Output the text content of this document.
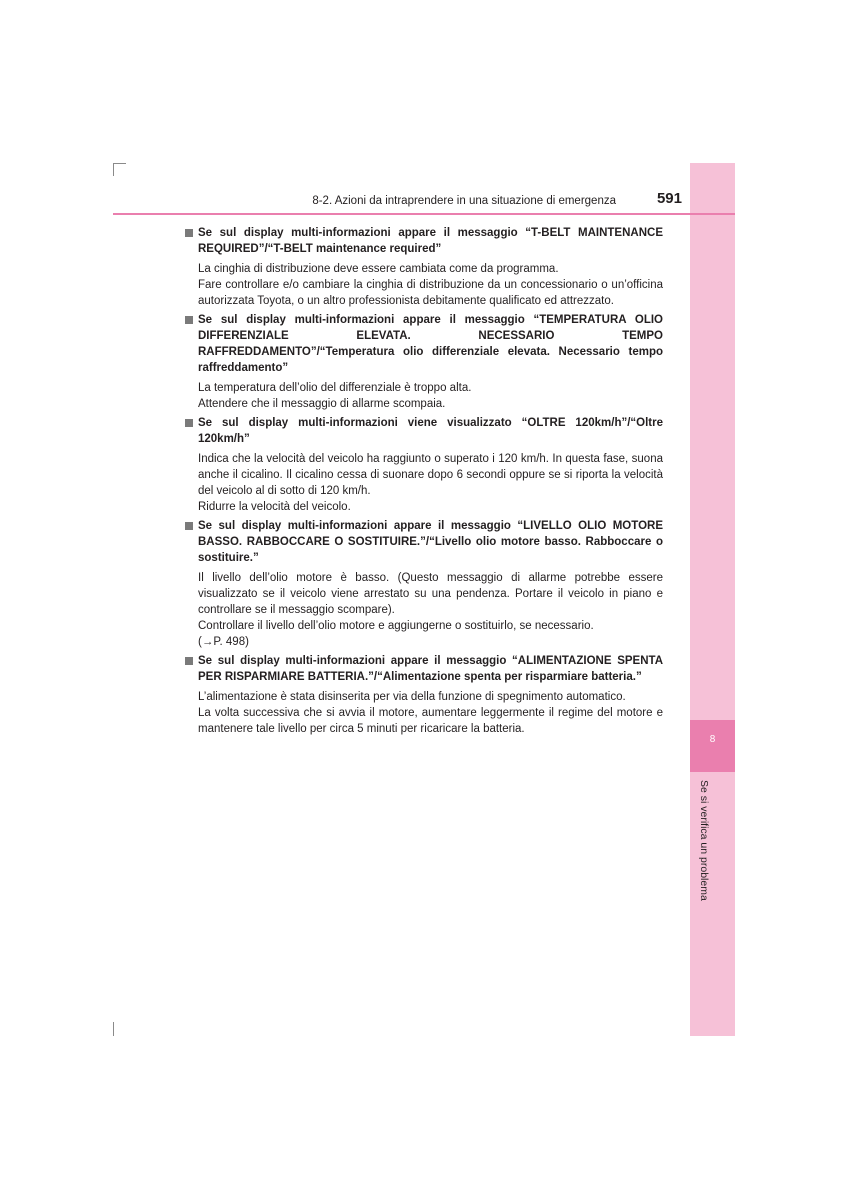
8
Se si verifica un problema
8-2. Azioni da intraprendere in una situazione di emergenza	591
Se sul display multi-informazioni appare il messaggio “T-BELT MAINTENANCE REQUIRED”/“T-BELT maintenance required”

La cinghia di distribuzione deve essere cambiata come da programma.

Fare controllare e/o cambiare la cinghia di distribuzione da un concessionario o un’officina autorizzata Toyota, o un altro professionista debitamente qualificato ed attrezzato.

Se sul display multi-informazioni appare il messaggio “TEMPERATURA OLIO DIFFERENZIALE ELEVATA. NECESSARIO TEMPO RAFFREDDAMENTO”/“Temperatura olio differenziale elevata. Necessario tempo raffreddamento”

La temperatura dell’olio del differenziale è troppo alta.

Attendere che il messaggio di allarme scompaia.

Se sul display multi-informazioni viene visualizzato “OLTRE 120km/h”/“Oltre 120km/h”

Indica che la velocità del veicolo ha raggiunto o superato i 120 km/h. In questa fase, suona anche il cicalino. Il cicalino cessa di suonare dopo 6 secondi oppure se si riporta la velocità del veicolo al di sotto di 120 km/h.

Ridurre la velocità del veicolo.

Se sul display multi-informazioni appare il messaggio “LIVELLO OLIO MOTORE BASSO. RABBOCCARE O SOSTITUIRE.”/“Livello olio motore basso. Rabboccare o sostituire.”

Il livello dell’olio motore è basso. (Questo messaggio di allarme potrebbe essere visualizzato se il veicolo viene arrestato su una pendenza. Portare il veicolo in piano e controllare se il messaggio scompare).

Controllare il livello dell’olio motore e aggiungerne o sostituirlo, se necessario.

(→P. 498)

Se sul display multi-informazioni appare il messaggio “ALIMENTAZIONE SPENTA PER RISPARMIARE BATTERIA.”/“Alimentazione spenta per risparmiare batteria.”

L’alimentazione è stata disinserita per via della funzione di spegnimento automatico.

La volta successiva che si avvia il motore, aumentare leggermente il regime del motore e mantenere tale livello per circa 5 minuti per ricaricare la batteria.
